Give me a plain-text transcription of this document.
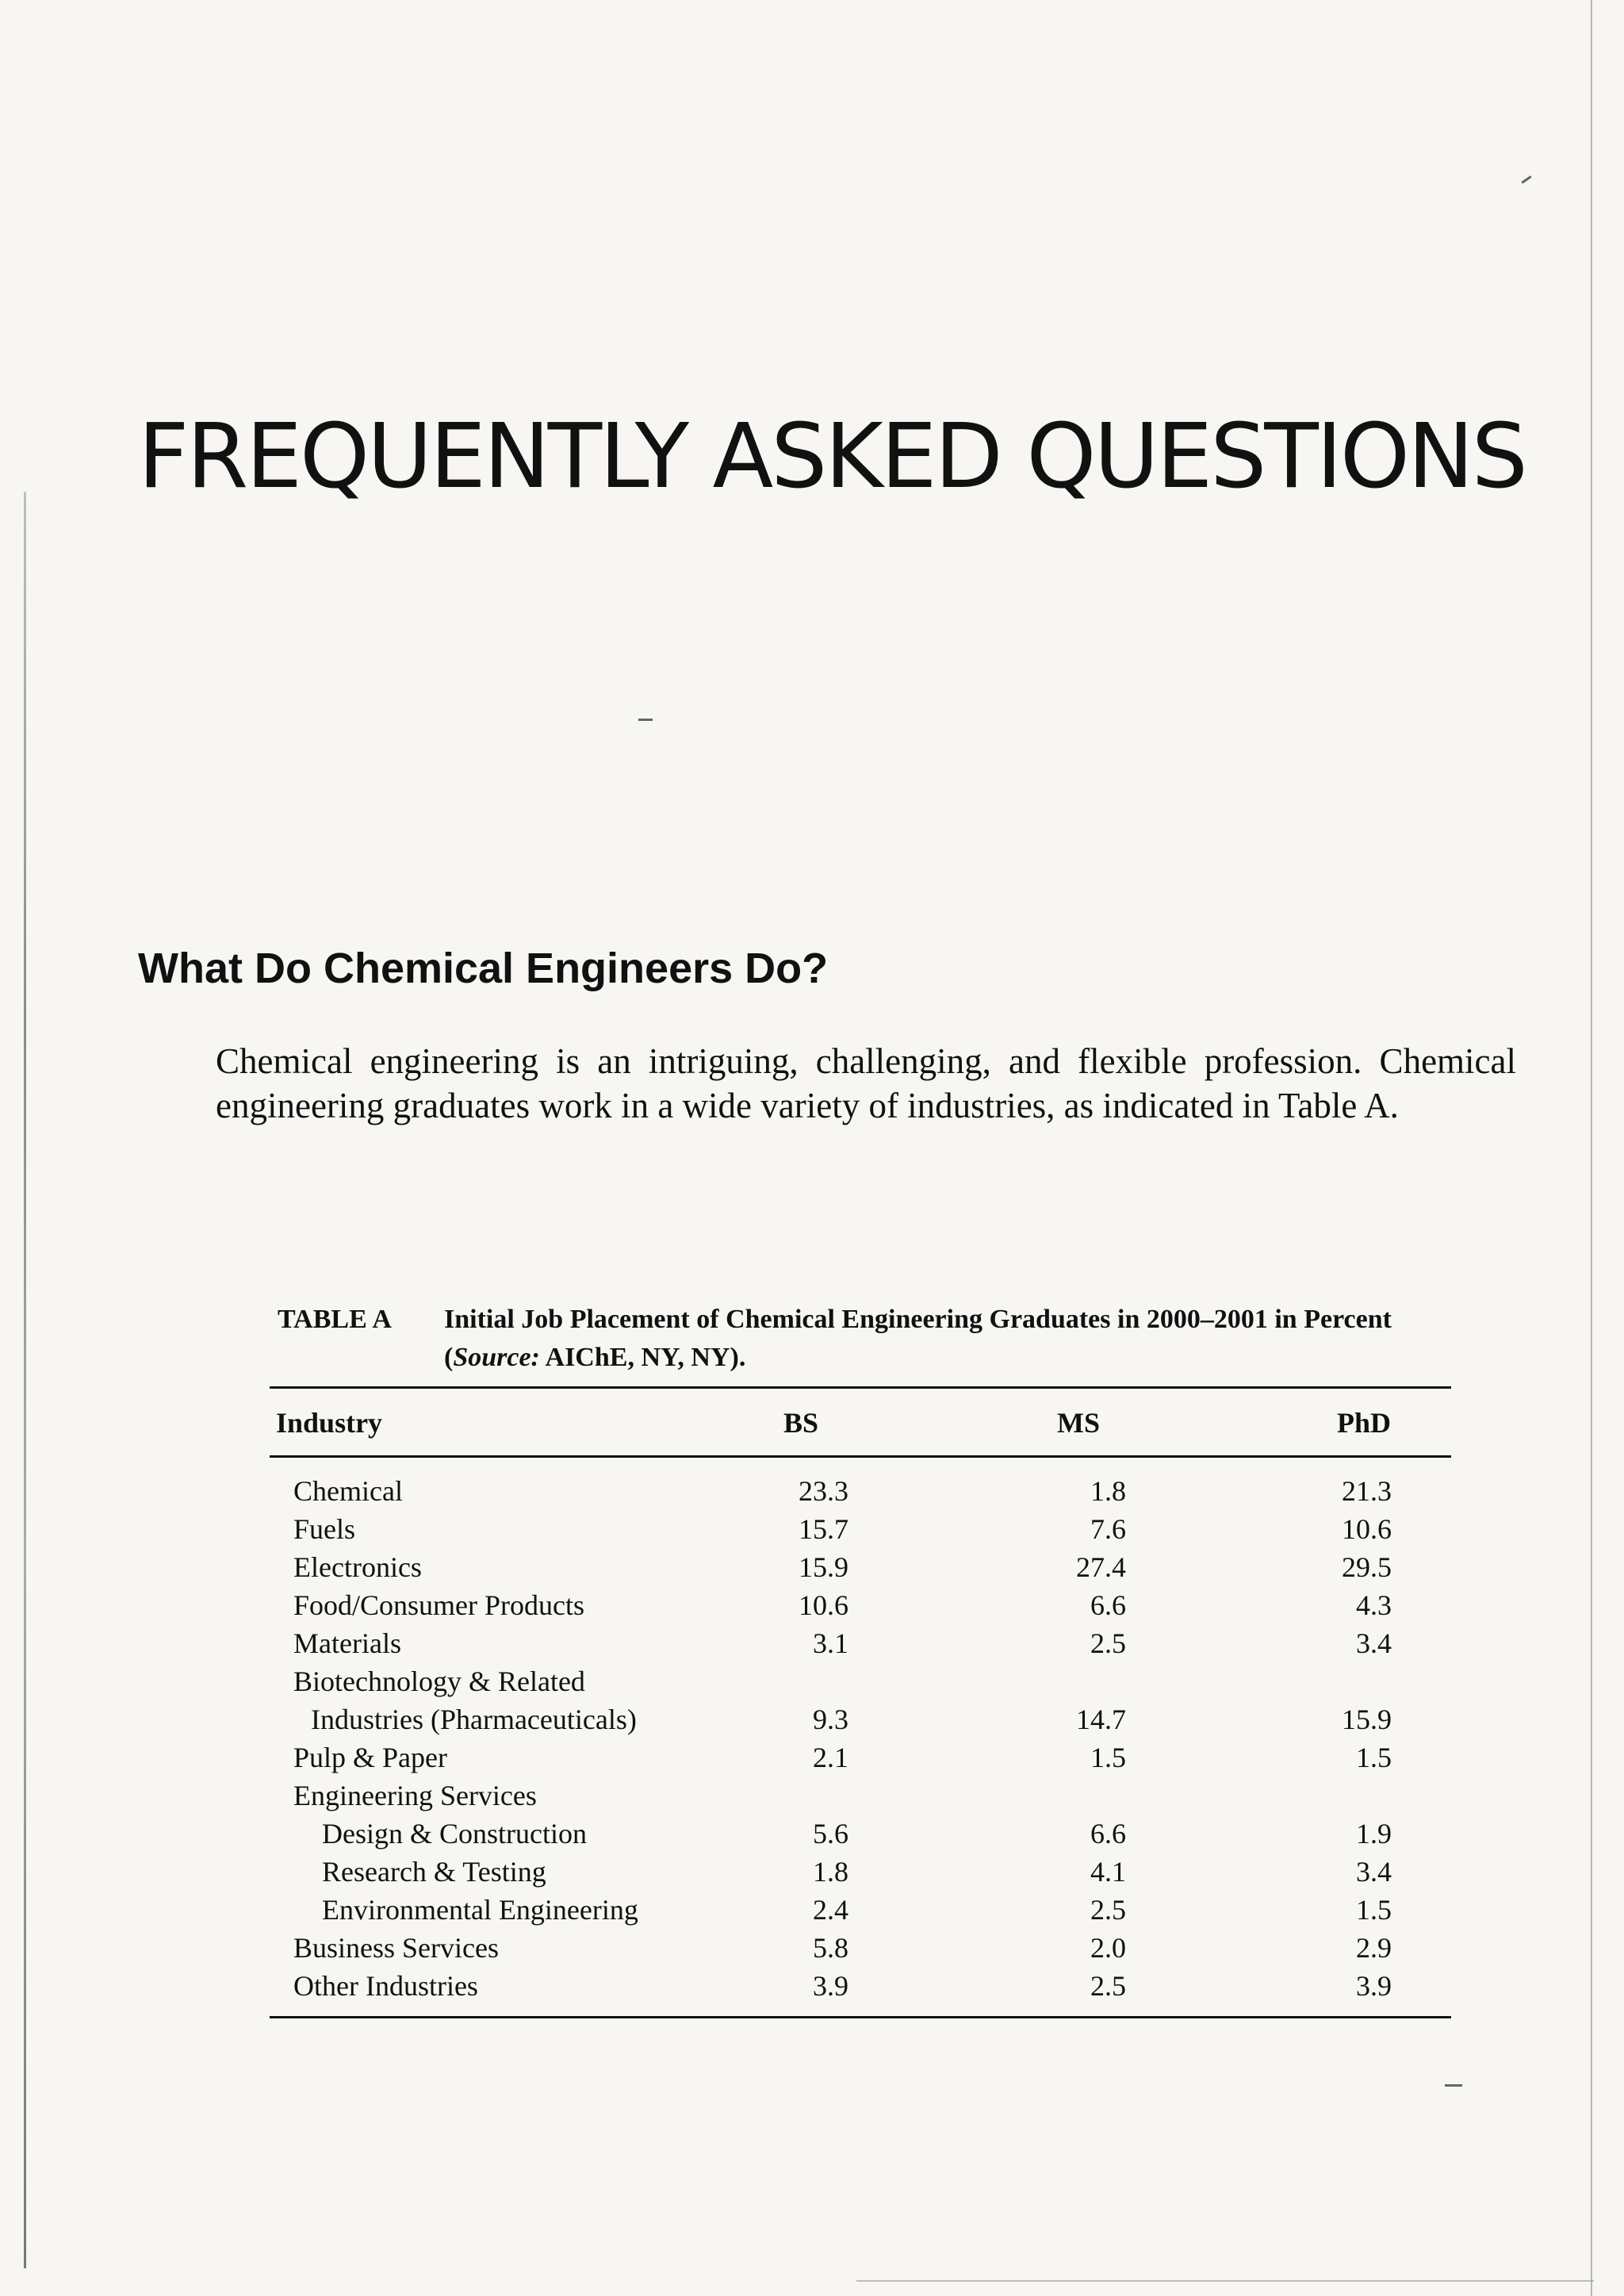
FREQUENTLY ASKED QUESTIONS
What Do Chemical Engineers Do?

Chemical engineering is an intriguing, challenging, and flexible profession. Chemical engineering graduates work in a wide variety of industries, as indicated in Table A.

TABLE A Initial Job Placement of Chemical Engineering Graduates in 2000–2001 in Percent (Source: AIChE, NY, NY).
Industry	BS	MS	PhD
Chemical	23.3	1.8	21.3
Fuels	15.7	7.6	10.6
Electronics	15.9	27.4	29.5
Food/Consumer Products	10.6	6.6	4.3
Materials	3.1	2.5	3.4
Biotechnology & Related
Industries (Pharmaceuticals)	9.3	14.7	15.9
Pulp & Paper	2.1	1.5	1.5
Engineering Services
Design & Construction	5.6	6.6	1.9
Research & Testing	1.8	4.1	3.4
Environmental Engineering	2.4	2.5	1.5
Business Services	5.8	2.0	2.9
Other Industries	3.9	2.5	3.9
